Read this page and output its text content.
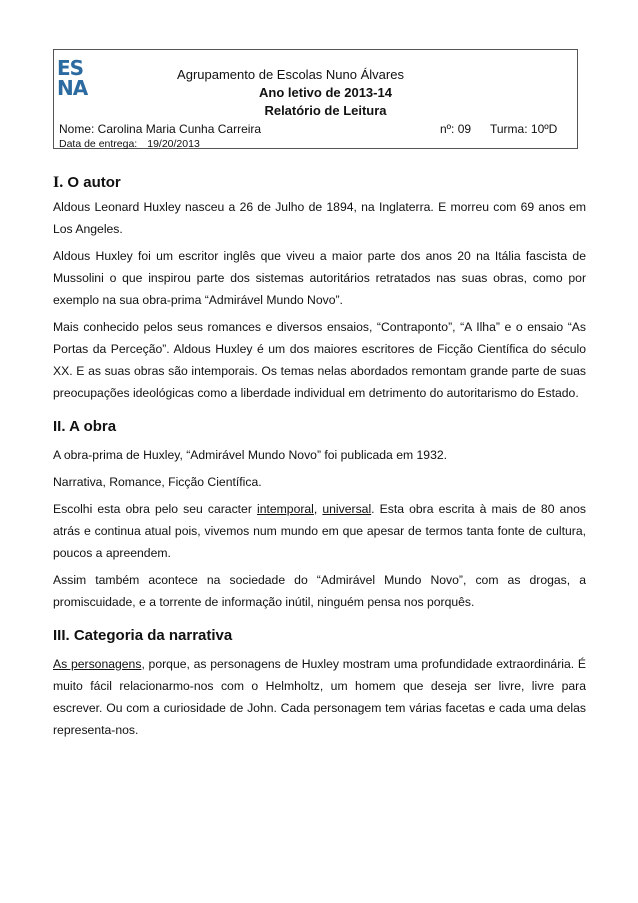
ES
NA
Agrupamento de Escolas Nuno Álvares
Ano letivo de 2013-14
Relatório de Leitura
Nome: Carolina Maria Cunha Carreira	nº: 09 Turma: 10ºD
Data de entrega: 19/20/2013
I. O autor

Aldous Leonard Huxley nasceu a 26 de Julho de 1894, na Inglaterra. E morreu com 69 anos em Los Angeles.

Aldous Huxley foi um escritor inglês que viveu a maior parte dos anos 20 na Itália fascista de Mussolini o que inspirou parte dos sistemas autoritários retratados nas suas obras, como por exemplo na sua obra-prima “Admirável Mundo Novo”.

Mais conhecido pelos seus romances e diversos ensaios, “Contraponto”, “A Ilha” e o ensaio “As Portas da Perceção”. Aldous Huxley é um dos maiores escritores de Ficção Científica do século XX. E as suas obras são intemporais. Os temas nelas abordados remontam grande parte de suas preocupações ideológicas como a liberdade individual em detrimento do autoritarismo do Estado.

II. A obra

A obra-prima de Huxley, “Admirável Mundo Novo” foi publicada em 1932.

Narrativa, Romance, Ficção Científica.

Escolhi esta obra pelo seu caracter intemporal, universal. Esta obra escrita à mais de 80 anos atrás e continua atual pois, vivemos num mundo em que apesar de termos tanta fonte de cultura, poucos a apreendem.

Assim também acontece na sociedade do “Admirável Mundo Novo”, com as drogas, a promiscuidade, e a torrente de informação inútil, ninguém pensa nos porquês.

III. Categoria da narrativa

As personagens, porque, as personagens de Huxley mostram uma profundidade extraordinária. É muito fácil relacionarmo-nos com o Helmholtz, um homem que deseja ser livre, livre para escrever. Ou com a curiosidade de John. Cada personagem tem várias facetas e cada uma delas representa-nos.
